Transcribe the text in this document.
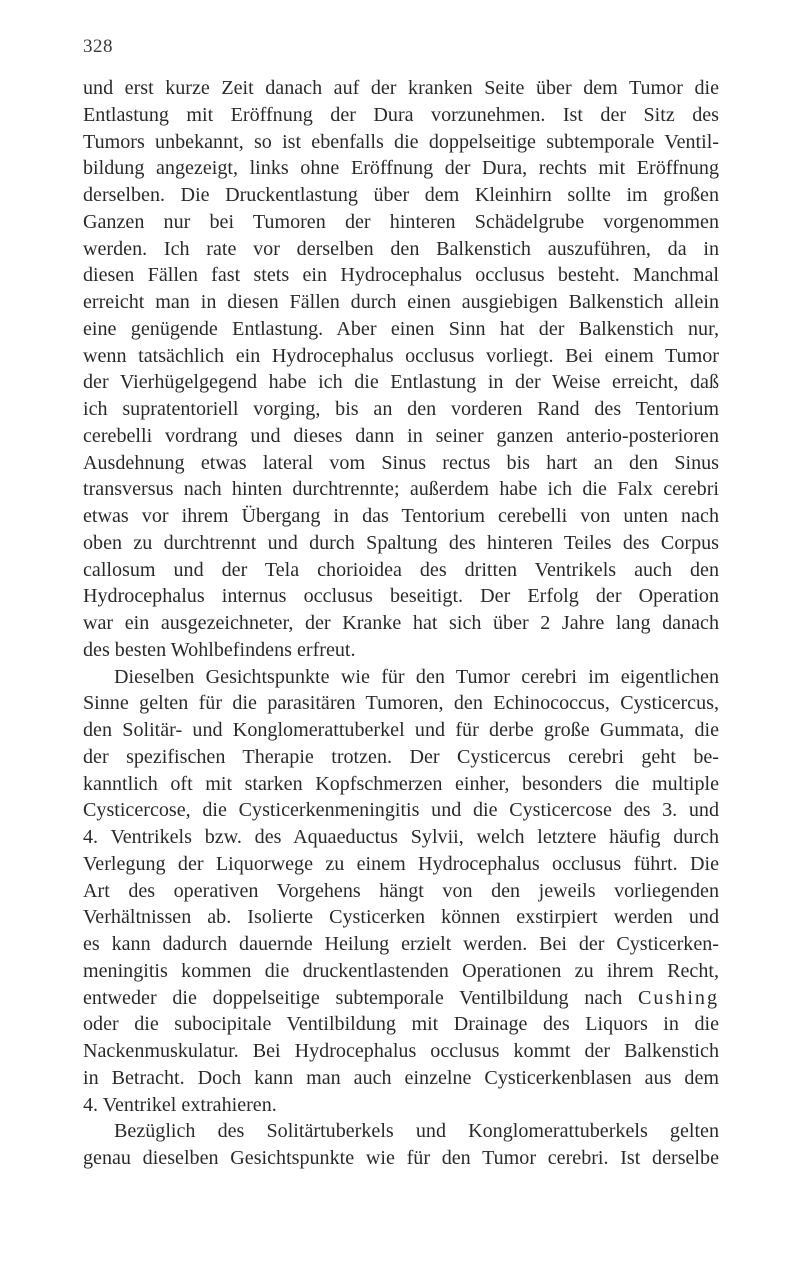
328
und erst kurze Zeit danach auf der kranken Seite über dem Tumor die
Entlastung mit Eröffnung der Dura vorzunehmen. Ist der Sitz des
Tumors unbekannt, so ist ebenfalls die doppelseitige subtemporale Ventil-
bildung angezeigt, links ohne Eröffnung der Dura, rechts mit Eröffnung
derselben. Die Druckentlastung über dem Kleinhirn sollte im großen
Ganzen nur bei Tumoren der hinteren Schädelgrube vorgenommen
werden. Ich rate vor derselben den Balkenstich auszuführen, da in
diesen Fällen fast stets ein Hydrocephalus occlusus besteht. Manchmal
erreicht man in diesen Fällen durch einen ausgiebigen Balkenstich allein
eine genügende Entlastung. Aber einen Sinn hat der Balkenstich nur,
wenn tatsächlich ein Hydrocephalus occlusus vorliegt. Bei einem Tumor
der Vierhügelgegend habe ich die Entlastung in der Weise erreicht, daß
ich supratentoriell vorging, bis an den vorderen Rand des Tentorium
cerebelli vordrang und dieses dann in seiner ganzen anterio-posterioren
Ausdehnung etwas lateral vom Sinus rectus bis hart an den Sinus
transversus nach hinten durchtrennte; außerdem habe ich die Falx cerebri
etwas vor ihrem Übergang in das Tentorium cerebelli von unten nach
oben zu durchtrennt und durch Spaltung des hinteren Teiles des Corpus
callosum und der Tela chorioidea des dritten Ventrikels auch den
Hydrocephalus internus occlusus beseitigt. Der Erfolg der Operation
war ein ausgezeichneter, der Kranke hat sich über 2 Jahre lang danach
des besten Wohlbefindens erfreut.
Dieselben Gesichtspunkte wie für den Tumor cerebri im eigentlichen
Sinne gelten für die parasitären Tumoren, den Echinococcus, Cysticercus,
den Solitär- und Konglomerattuberkel und für derbe große Gummata, die
der spezifischen Therapie trotzen. Der Cysticercus cerebri geht be-
kanntlich oft mit starken Kopfschmerzen einher, besonders die multiple
Cysticercose, die Cysticerkenmeningitis und die Cysticercose des 3. und
4. Ventrikels bzw. des Aquaeductus Sylvii, welch letztere häufig durch
Verlegung der Liquorwege zu einem Hydrocephalus occlusus führt. Die
Art des operativen Vorgehens hängt von den jeweils vorliegenden
Verhältnissen ab. Isolierte Cysticerken können exstirpiert werden und
es kann dadurch dauernde Heilung erzielt werden. Bei der Cysticerken-
meningitis kommen die druckentlastenden Operationen zu ihrem Recht,
entweder die doppelseitige subtemporale Ventilbildung nach Cushing
oder die subocipitale Ventilbildung mit Drainage des Liquors in die
Nackenmuskulatur. Bei Hydrocephalus occlusus kommt der Balkenstich
in Betracht. Doch kann man auch einzelne Cysticerkenblasen aus dem
4. Ventrikel extrahieren.
Bezüglich des Solitärtuberkels und Konglomerattuberkels gelten
genau dieselben Gesichtspunkte wie für den Tumor cerebri. Ist derselbe
